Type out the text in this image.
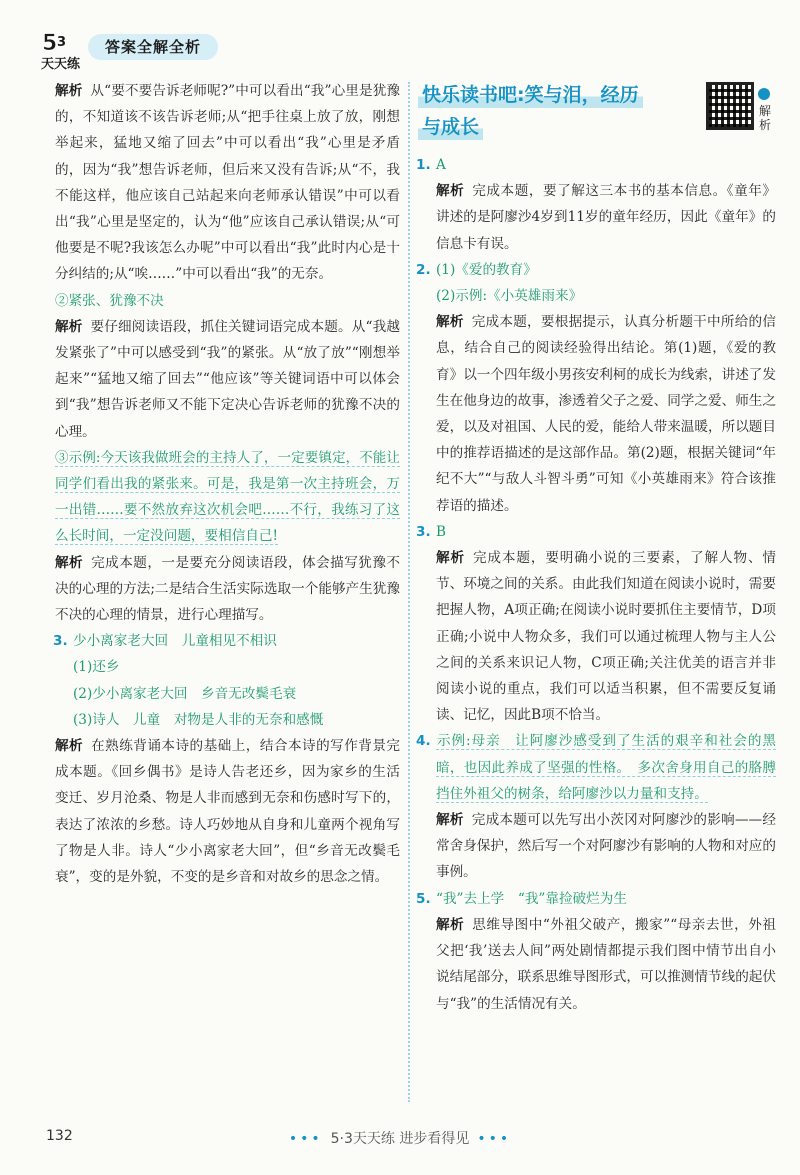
5 3
天天练
答案全解全析

解析 从“要不要告诉老师呢?”中可以看出“我”心里是犹豫的，不知道该不该告诉老师;从“把手往桌上放了放，刚想举起来，猛地又缩了回去”中可以看出“我”心里是矛盾的，因为“我”想告诉老师，但后来又没有告诉;从“不，我不能这样，他应该自己站起来向老师承认错误”中可以看出“我”心里是坚定的，认为“他”应该自己承认错误;从“可他要是不呢?我该怎么办呢”中可以看出“我”此时内心是十分纠结的;从“唉……”中可以看出“我”的无奈。

②紧张、犹豫不决

解析 要仔细阅读语段，抓住关键词语完成本题。从“我越发紧张了”中可以感受到“我”的紧张。从“放了放”“刚想举起来”“猛地又缩了回去”“他应该”等关键词语中可以体会到“我”想告诉老师又不能下定决心告诉老师的犹豫不决的心理。

③示例:今天该我做班会的主持人了，一定要镇定，不能让同学们看出我的紧张来。可是，我是第一次主持班会，万一出错……要不然放弃这次机会吧……不行，我练习了这么长时间，一定没问题，要相信自己!

解析 完成本题，一是要充分阅读语段，体会描写犹豫不决的心理的方法;二是结合生活实际选取一个能够产生犹豫不决的心理的情景，进行心理描写。

3. 少小离家老大回　儿童相见不相识

(1)还乡

(2)少小离家老大回　乡音无改鬓毛衰

(3)诗人　儿童　对物是人非的无奈和感慨

解析 在熟练背诵本诗的基础上，结合本诗的写作背景完成本题。《回乡偶书》是诗人告老还乡，因为家乡的生活变迁、岁月沧桑、物是人非而感到无奈和伤感时写下的，表达了浓浓的乡愁。诗人巧妙地从自身和儿童两个视角写了物是人非。诗人“少小离家老大回”，但“乡音无改鬓毛衰”，变的是外貌，不变的是乡音和对故乡的思念之情。

快乐读书吧:笑与泪，经历
与成长
解析

1. A

解析 完成本题，要了解这三本书的基本信息。《童年》讲述的是阿廖沙4岁到11岁的童年经历，因此《童年》的信息卡有误。

2. (1)《爱的教育》

(2)示例:《小英雄雨来》

解析 完成本题，要根据提示，认真分析题干中所给的信息，结合自己的阅读经验得出结论。第(1)题，《爱的教育》以一个四年级小男孩安利柯的成长为线索，讲述了发生在他身边的故事，渗透着父子之爱、同学之爱、师生之爱，以及对祖国、人民的爱，能给人带来温暖，所以题目中的推荐语描述的是这部作品。第(2)题，根据关键词“年纪不大”“与敌人斗智斗勇”可知《小英雄雨来》符合该推荐语的描述。

3. B

解析 完成本题，要明确小说的三要素，了解人物、情节、环境之间的关系。由此我们知道在阅读小说时，需要把握人物，A项正确;在阅读小说时要抓住主要情节，D项正确;小说中人物众多，我们可以通过梳理人物与主人公之间的关系来识记人物，C项正确;关注优美的语言并非阅读小说的重点，我们可以适当积累，但不需要反复诵读、记忆，因此B项不恰当。

4. 示例:母亲　让阿廖沙感受到了生活的艰辛和社会的黑暗，也因此养成了坚强的性格。　多次舍身用自己的胳膊挡住外祖父的树条，给阿廖沙以力量和支持。

解析 完成本题可以先写出小茨冈对阿廖沙的影响——经常舍身保护，然后写一个对阿廖沙有影响的人物和对应的事例。

5. “我”去上学　“我”靠捡破烂为生

解析 思维导图中“外祖父破产，搬家”“母亲去世，外祖父把‘我’送去人间”两处剧情都提示我们图中情节出自小说结尾部分，联系思维导图形式，可以推测情节线的起伏与“我”的生活情况有关。

132	••• 5·3天天练 进步看得见 •••
